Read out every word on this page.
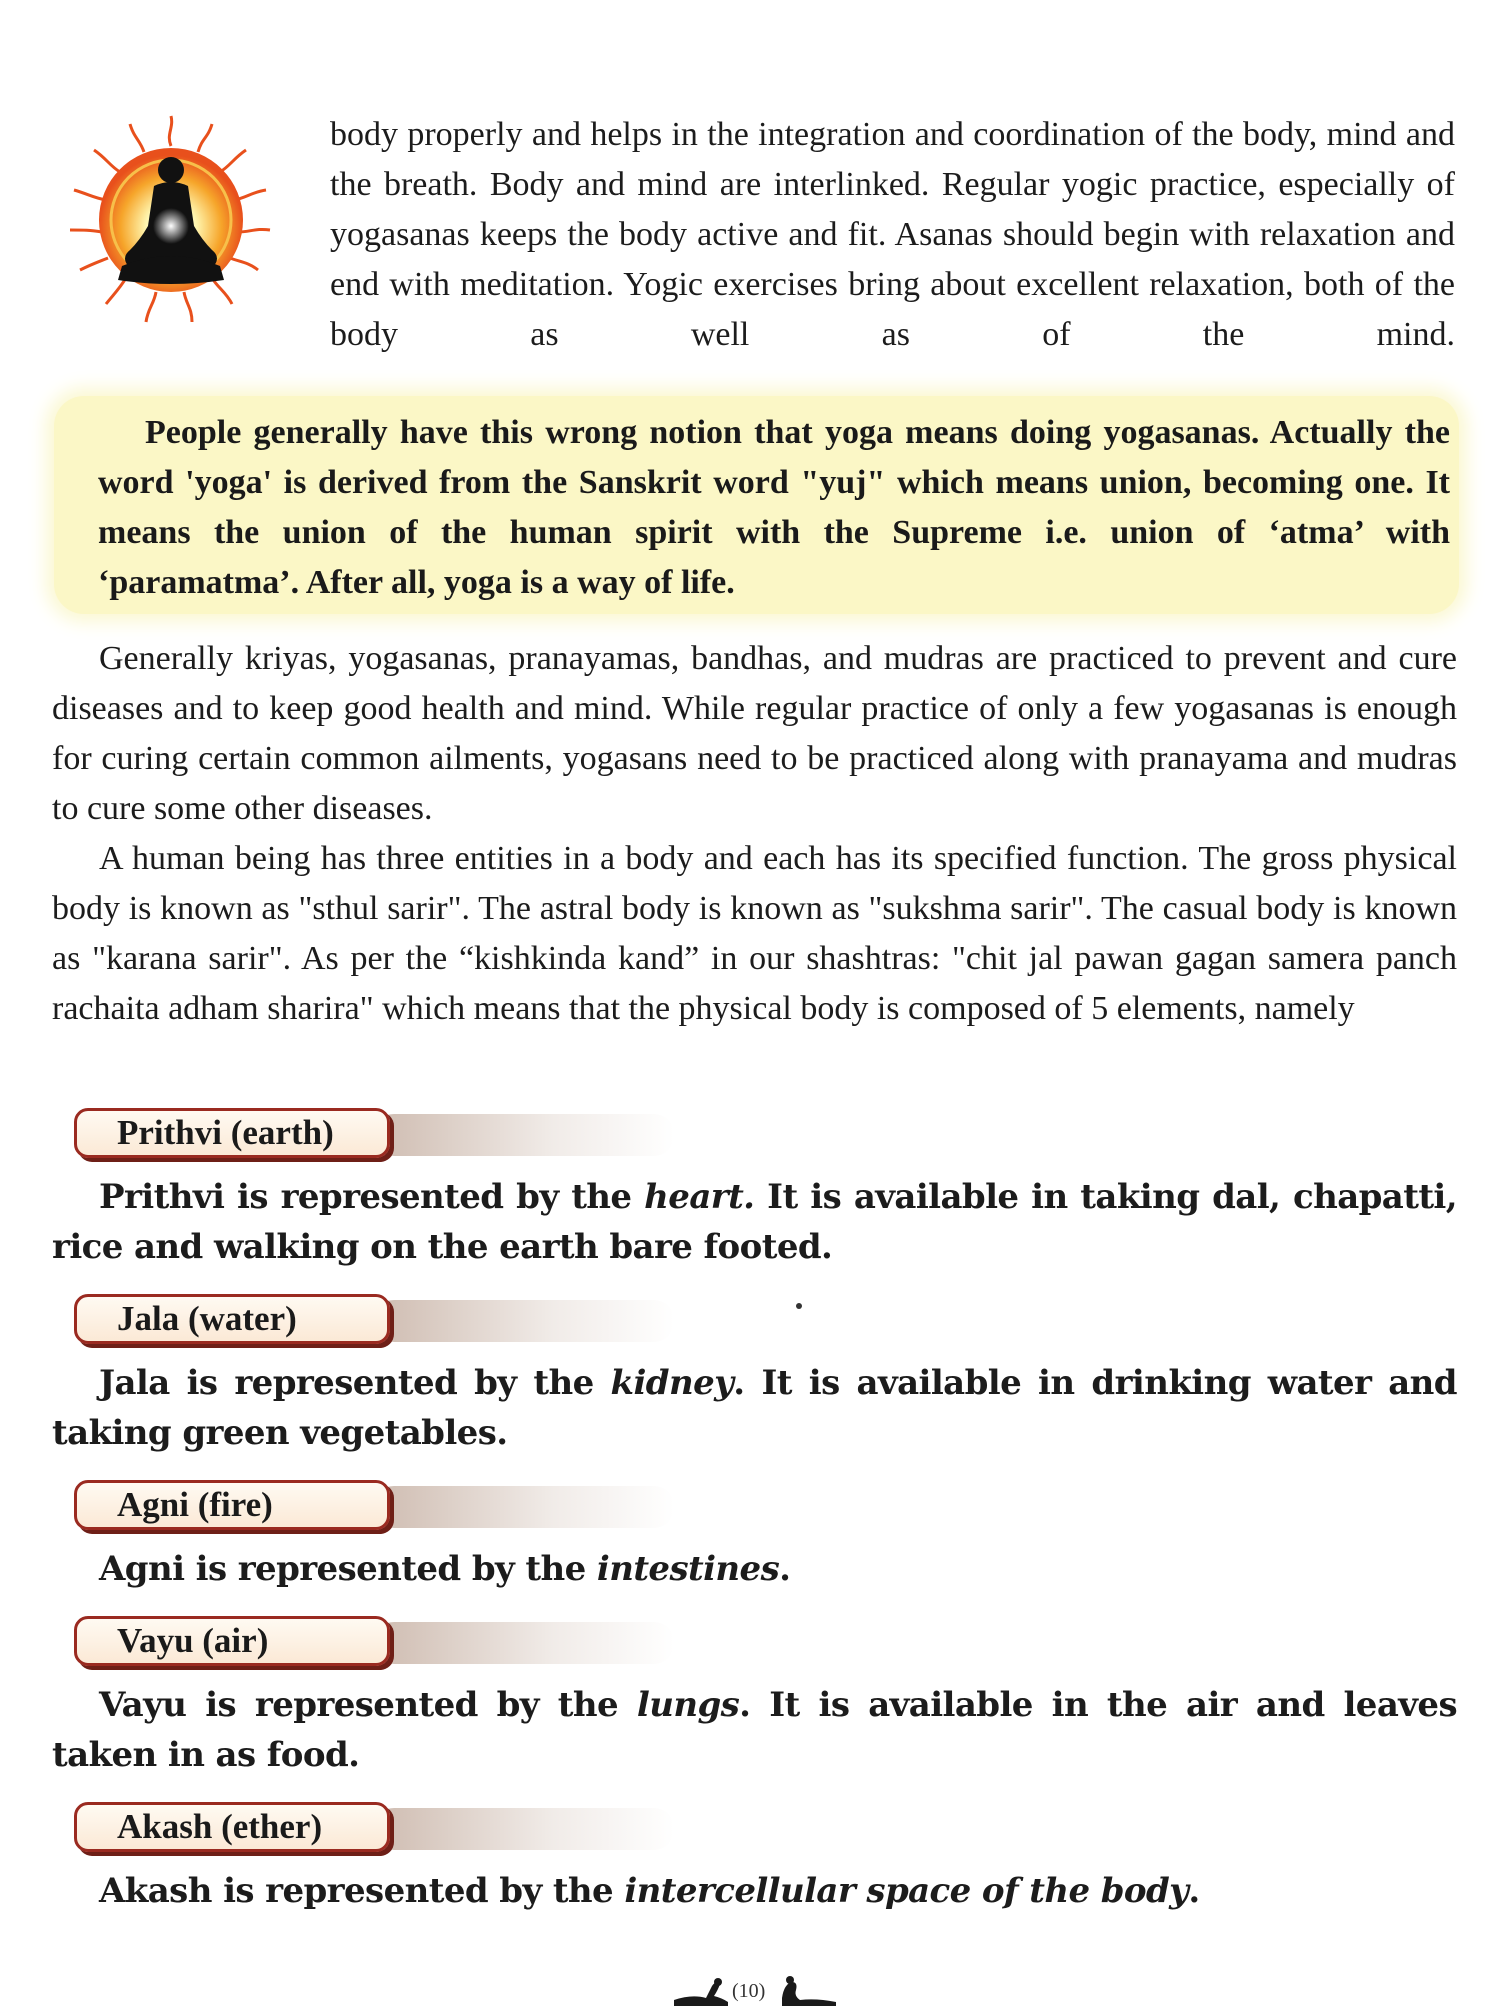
body properly and helps in the integration and coordination of the body, mind and the breath. Body and mind are interlinked. Regular yogic practice, especially of yogasanas keeps the body active and fit. Asanas should begin with relaxation and end with meditation. Yogic exercises bring about excellent relaxation, both of the body as well as of the mind.

People generally have this wrong notion that yoga means doing yogasanas. Actually the word 'yoga' is derived from the Sanskrit word "yuj" which means union, becoming one. It means the union of the human spirit with the Supreme i.e. union of ‘atma’ with ‘paramatma’. After all, yoga is a way of life.

Generally kriyas, yogasanas, pranayamas, bandhas, and mudras are practiced to prevent and cure diseases and to keep good health and mind. While regular practice of only a few yogasanas is enough for curing certain common ailments, yogasans need to be practiced along with pranayama and mudras to cure some other diseases.

A human being has three entities in a body and each has its specified function. The gross physical body is known as "sthul sarir". The astral body is known as "sukshma sarir". The casual body is known as "karana sarir". As per the “kishkinda kand” in our shashtras: "chit jal pawan gagan samera panch rachaita adham sharira" which means that the physical body is composed of 5 elements, namely

Prithvi (earth)

Prithvi is represented by the heart. It is available in taking dal, chapatti, rice and walking on the earth bare footed.

Jala (water)

Jala is represented by the kidney. It is available in drinking water and taking green vegetables.

Agni (fire)

Agni is represented by the intestines.

Vayu (air)

Vayu is represented by the lungs. It is available in the air and leaves taken in as food.

Akash (ether)

Akash is represented by the intercellular space of the body.

(10)
